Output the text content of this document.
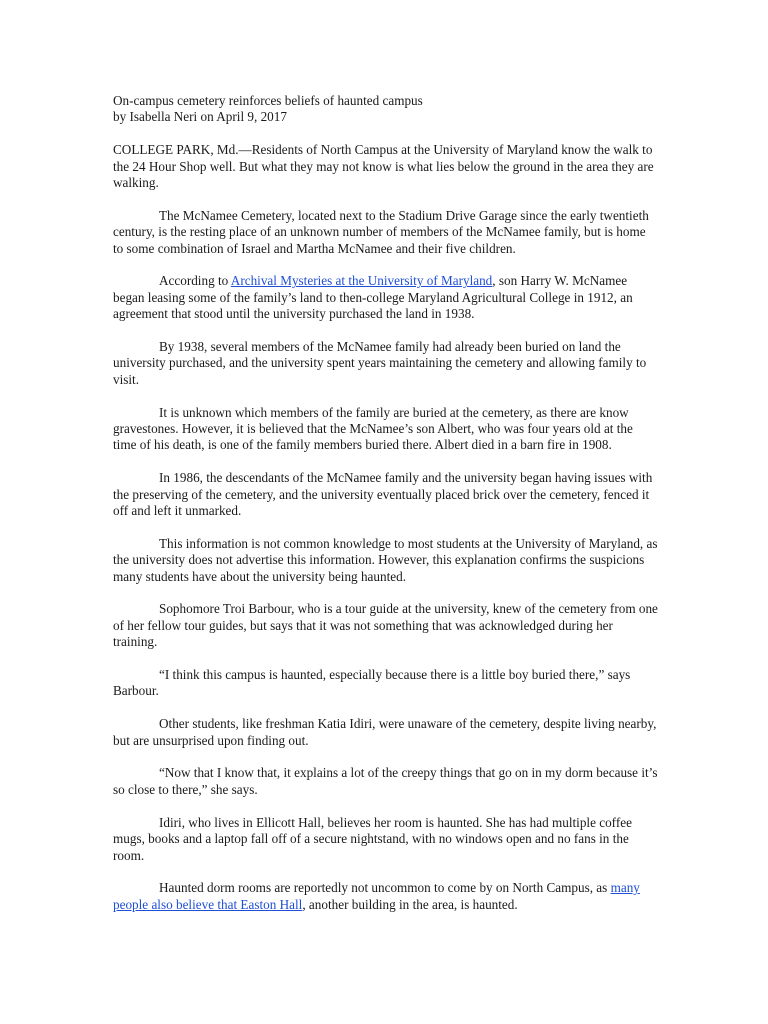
On-campus cemetery reinforces beliefs of haunted campus
by Isabella Neri on April 9, 2017

COLLEGE PARK, Md.—Residents of North Campus at the University of Maryland know the walk to the 24 Hour Shop well. But what they may not know is what lies below the ground in the area they are walking.

The McNamee Cemetery, located next to the Stadium Drive Garage since the early twentieth century, is the resting place of an unknown number of members of the McNamee family, but is home to some combination of Israel and Martha McNamee and their five children.

According to Archival Mysteries at the University of Maryland, son Harry W. McNamee began leasing some of the family’s land to then-college Maryland Agricultural College in 1912, an agreement that stood until the university purchased the land in 1938.

By 1938, several members of the McNamee family had already been buried on land the university purchased, and the university spent years maintaining the cemetery and allowing family to visit.

It is unknown which members of the family are buried at the cemetery, as there are know gravestones. However, it is believed that the McNamee’s son Albert, who was four years old at the time of his death, is one of the family members buried there. Albert died in a barn fire in 1908.

In 1986, the descendants of the McNamee family and the university began having issues with the preserving of the cemetery, and the university eventually placed brick over the cemetery, fenced it off and left it unmarked.

This information is not common knowledge to most students at the University of Maryland, as the university does not advertise this information. However, this explanation confirms the suspicions many students have about the university being haunted.

Sophomore Troi Barbour, who is a tour guide at the university, knew of the cemetery from one of her fellow tour guides, but says that it was not something that was acknowledged during her training.

“I think this campus is haunted, especially because there is a little boy buried there,” says Barbour.

Other students, like freshman Katia Idiri, were unaware of the cemetery, despite living nearby, but are unsurprised upon finding out.

“Now that I know that, it explains a lot of the creepy things that go on in my dorm because it’s so close to there,” she says.

Idiri, who lives in Ellicott Hall, believes her room is haunted. She has had multiple coffee mugs, books and a laptop fall off of a secure nightstand, with no windows open and no fans in the room.

Haunted dorm rooms are reportedly not uncommon to come by on North Campus, as many people also believe that Easton Hall, another building in the area, is haunted.
